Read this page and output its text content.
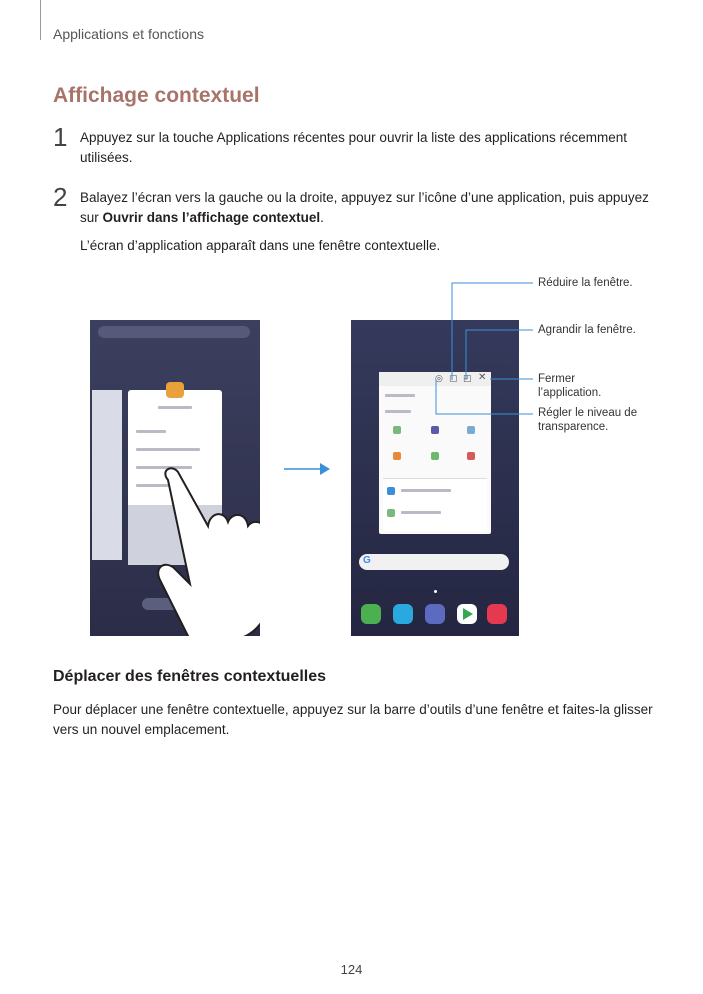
Applications et fonctions
Affichage contextuel
1 Appuyez sur la touche Applications récentes pour ouvrir la liste des applications récemment utilisées.
2 Balayez l’écran vers la gauche ou la droite, appuyez sur l’icône d’une application, puis appuyez sur Ouvrir dans l’affichage contextuel.
L’écran d’application apparaît dans une fenêtre contextuelle.
◎ ▢ ◰ ✕
G
Réduire la fenêtre.
Agrandir la fenêtre.
Fermer l’application.
Régler le niveau de transparence.
Déplacer des fenêtres contextuelles
Pour déplacer une fenêtre contextuelle, appuyez sur la barre d’outils d’une fenêtre et faites-la glisser vers un nouvel emplacement.
124
